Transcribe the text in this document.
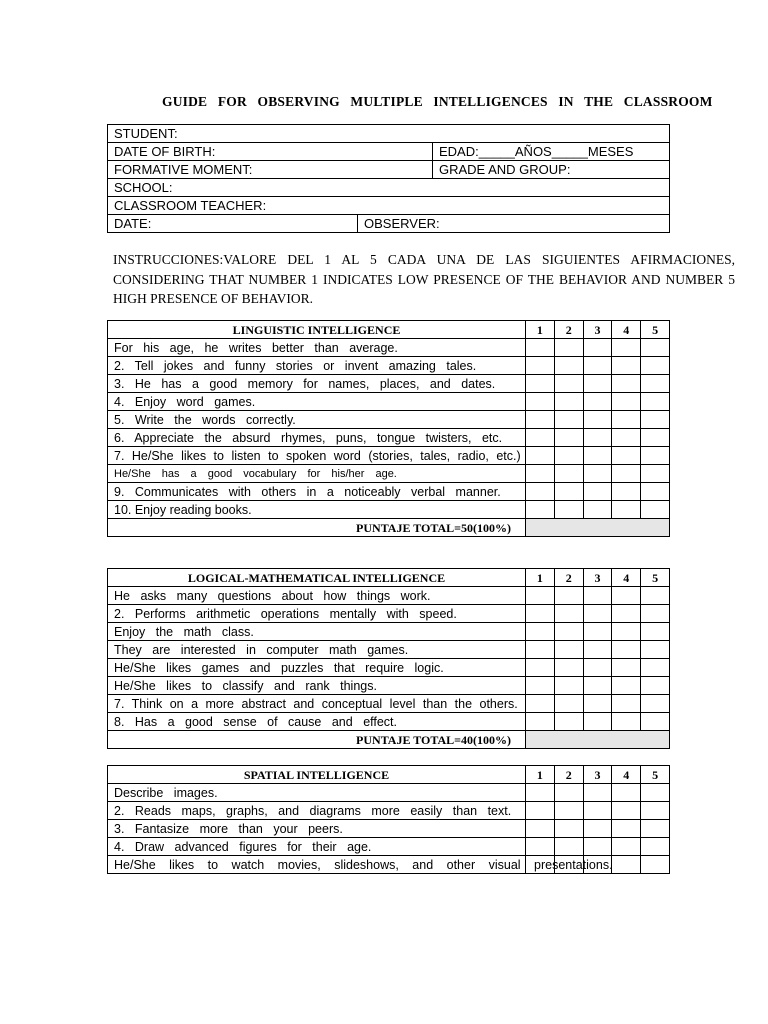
GUIDE FOR OBSERVING MULTIPLE INTELLIGENCES IN THE CLASSROOM
STUDENT:		
DATE OF BIRTH:		EDAD:_____AÑOS_____MESES
FORMATIVE MOMENT:		GRADE AND GROUP:
SCHOOL:		
CLASSROOM TEACHER:		
DATE:	OBSERVER:	
INSTRUCCIONES:VALORE DEL 1 AL 5 CADA UNA DE LAS SIGUIENTES AFIRMACIONES,
CONSIDERING THAT NUMBER 1 INDICATES LOW PRESENCE OF THE BEHAVIOR AND NUMBER 5
HIGH PRESENCE OF BEHAVIOR.
LINGUISTIC INTELLIGENCE	1	2	3	4	5
For his age, he writes better than average.					
2. Tell jokes and funny stories or invent amazing tales.					
3. He has a good memory for names, places, and dates.					
4. Enjoy word games.					
5. Write the words correctly.					
6. Appreciate the absurd rhymes, puns, tongue twisters, etc.					
7. He/She likes to listen to spoken word (stories, tales, radio, etc.)					
He/She has a good vocabulary for his/her age.					
9. Communicates with others in a noticeably verbal manner.					
10. Enjoy reading books.					
PUNTAJE TOTAL=50(100%)					
LOGICAL-MATHEMATICAL INTELLIGENCE	1	2	3	4	5
He asks many questions about how things work.					
2. Performs arithmetic operations mentally with speed.					
Enjoy the math class.					
They are interested in computer math games.					
He/She likes games and puzzles that require logic.					
He/She likes to classify and rank things.					
7. Think on a more abstract and conceptual level than the others.					
8. Has a good sense of cause and effect.					
PUNTAJE TOTAL=40(100%)					
SPATIAL INTELLIGENCE	1	2	3	4	5
Describe images.					
2. Reads maps, graphs, and diagrams more easily than text.					
3. Fantasize more than your peers.					
4. Draw advanced figures for their age.					
He/She likes to watch movies, slideshows, and other visual presentations.					
